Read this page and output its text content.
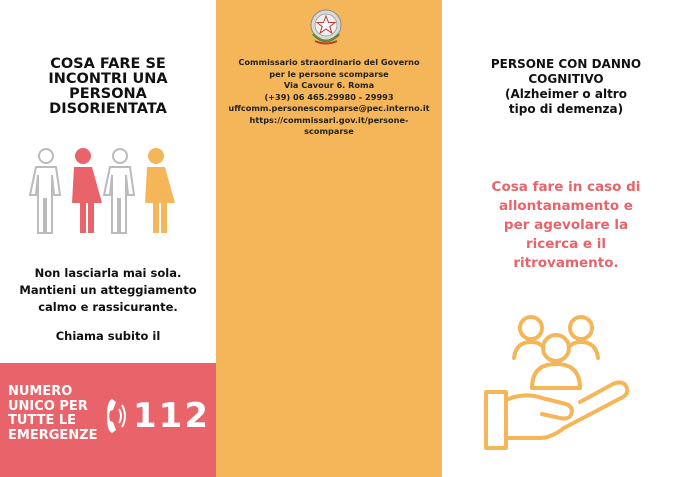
COSA FARE SE
INCONTRI UNA
PERSONA
DISORIENTATA
Non lasciarla mai sola.
Mantieni un atteggiamento
calmo e rassicurante.
Chiama subito il
NUMERO
UNICO PER
TUTTE LE
EMERGENZE	112
Commissario straordinario del Governo
per le persone scomparse
Via Cavour 6. Roma
(+39) 06 465.29980 - 29993
uffcomm.personescomparse@pec.interno.it
https://commissari.gov.it/persone-scomparse
PERSONE CON DANNO
COGNITIVO
(Alzheimer o altro
tipo di demenza)
Cosa fare in caso di
allontanamento e
per agevolare la
ricerca e il
ritrovamento.
